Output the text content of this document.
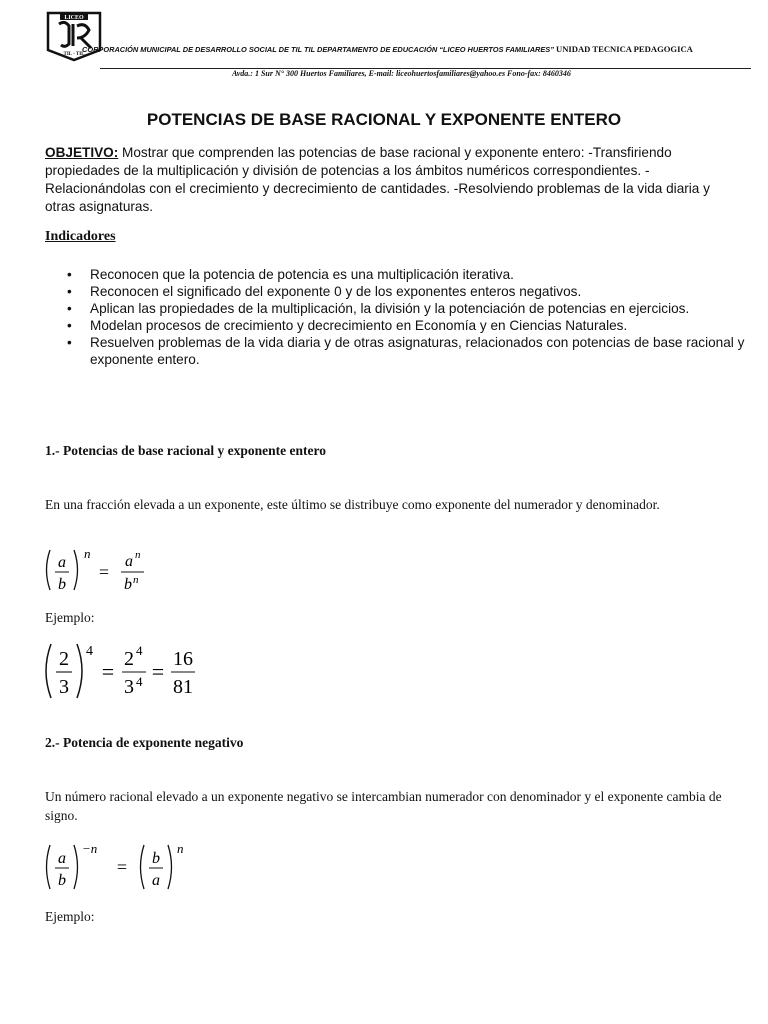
LICEO
TIL - TIL
CORPORACIÓN MUNICIPAL DE DESARROLLO SOCIAL DE TIL TIL DEPARTAMENTO DE EDUCACIÓN “LICEO HUERTOS FAMILIARES” UNIDAD TECNICA PEDAGOGICA
Avda.: 1 Sur N° 300 Huertos Familiares, E-mail: liceohuertosfamiliares@yahoo.es Fono-fax: 8460346
POTENCIAS DE BASE RACIONAL Y EXPONENTE ENTERO
OBJETIVO: Mostrar que comprenden las potencias de base racional y exponente entero: -Transfiriendo propiedades de la multiplicación y división de potencias a los ámbitos numéricos correspondientes. -Relacionándolas con el crecimiento y decrecimiento de cantidades. -Resolviendo problemas de la vida diaria y otras asignaturas.
Indicadores
• Reconocen que la potencia de potencia es una multiplicación iterativa.
• Reconocen el significado del exponente 0 y de los exponentes enteros negativos.
• Aplican las propiedades de la multiplicación, la división y la potenciación de potencias en ejercicios.
• Modelan procesos de crecimiento y decrecimiento en Economía y en Ciencias Naturales.
• Resuelven problemas de la vida diaria y de otras asignaturas, relacionados con potencias de base racional y exponente entero.
1.- Potencias de base racional y exponente entero
En una fracción elevada a un exponente, este último se distribuye como exponente del numerador y denominador.
a
b
n
=
a n
b n
Ejemplo:
2
3
4
= 2 4
3 4 = 16
81
2.- Potencia de exponente negativo
Un número racional elevado a un exponente negativo se intercambian numerador con denominador y el exponente cambia de signo.
a
b
−n
= b
a
n
Ejemplo:
